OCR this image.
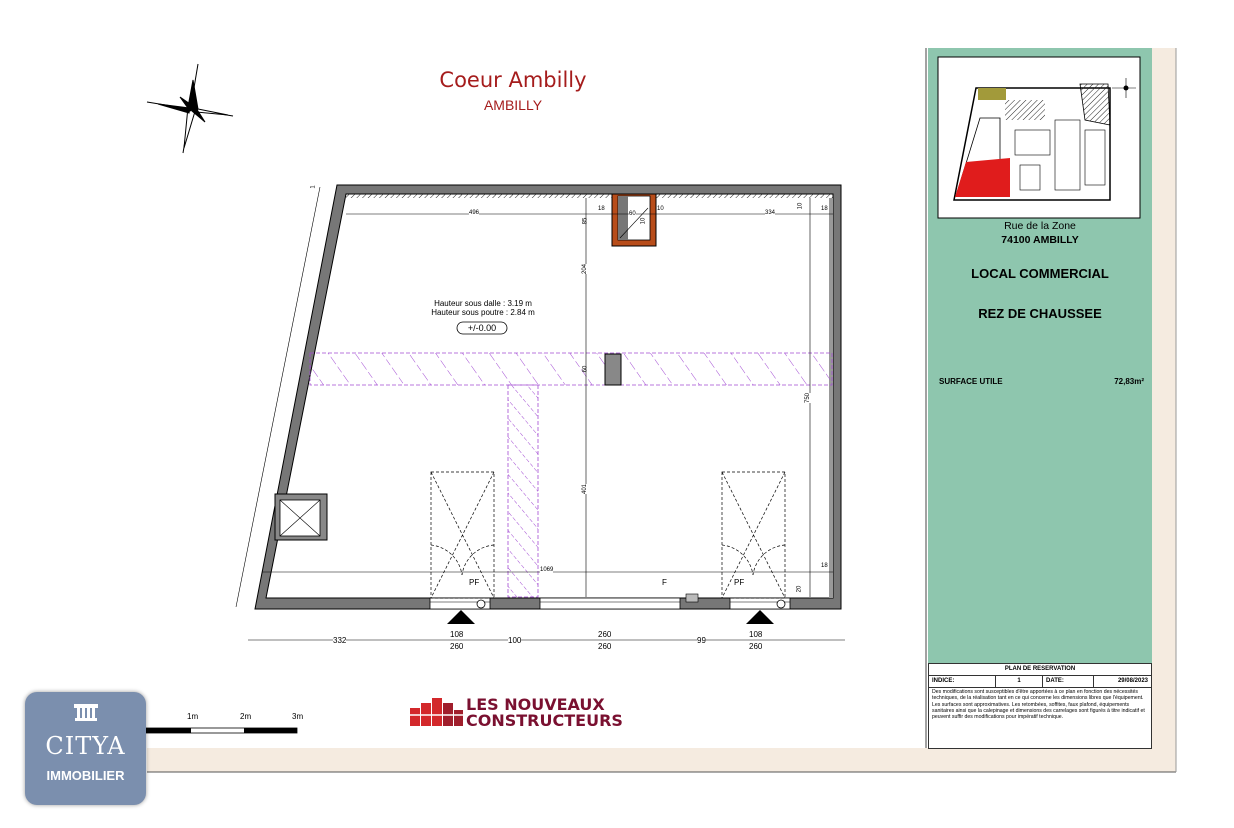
Coeur Ambilly
AMBILLY
Hauteur sous dalle : 3.19 m
Hauteur sous poutre : 2.84 m
+/-0.00
496
18
60
85	10
10
334
10	18
204
60
401
750
20
1069
18
1
PF	F	PF
332
108
100
260
99
108
260	260	260
1m	2m	3m
Rue de la Zone
74100 AMBILLY
LOCAL COMMERCIAL
REZ DE CHAUSSEE
SURFACE UTILE	72,83m²
PLAN DE RESERVATION
INDICE:	1	DATE:	29/08/2023
Des modifications sont susceptibles d'être apportées à ce plan en fonction des nécessités techniques, de la réalisation tant en ce qui concerne les dimensions libres que l'équipement. Les surfaces sont approximatives. Les retombées, soffites, faux plafond, équipements sanitaires ainsi que la calepinage et dimensions des carrelages sont figurés à titre indicatif et peuvent suffir des modifications pour impératif technique.
LES NOUVEAUX
CONSTRUCTEURS
CITYA
IMMOBILIER
